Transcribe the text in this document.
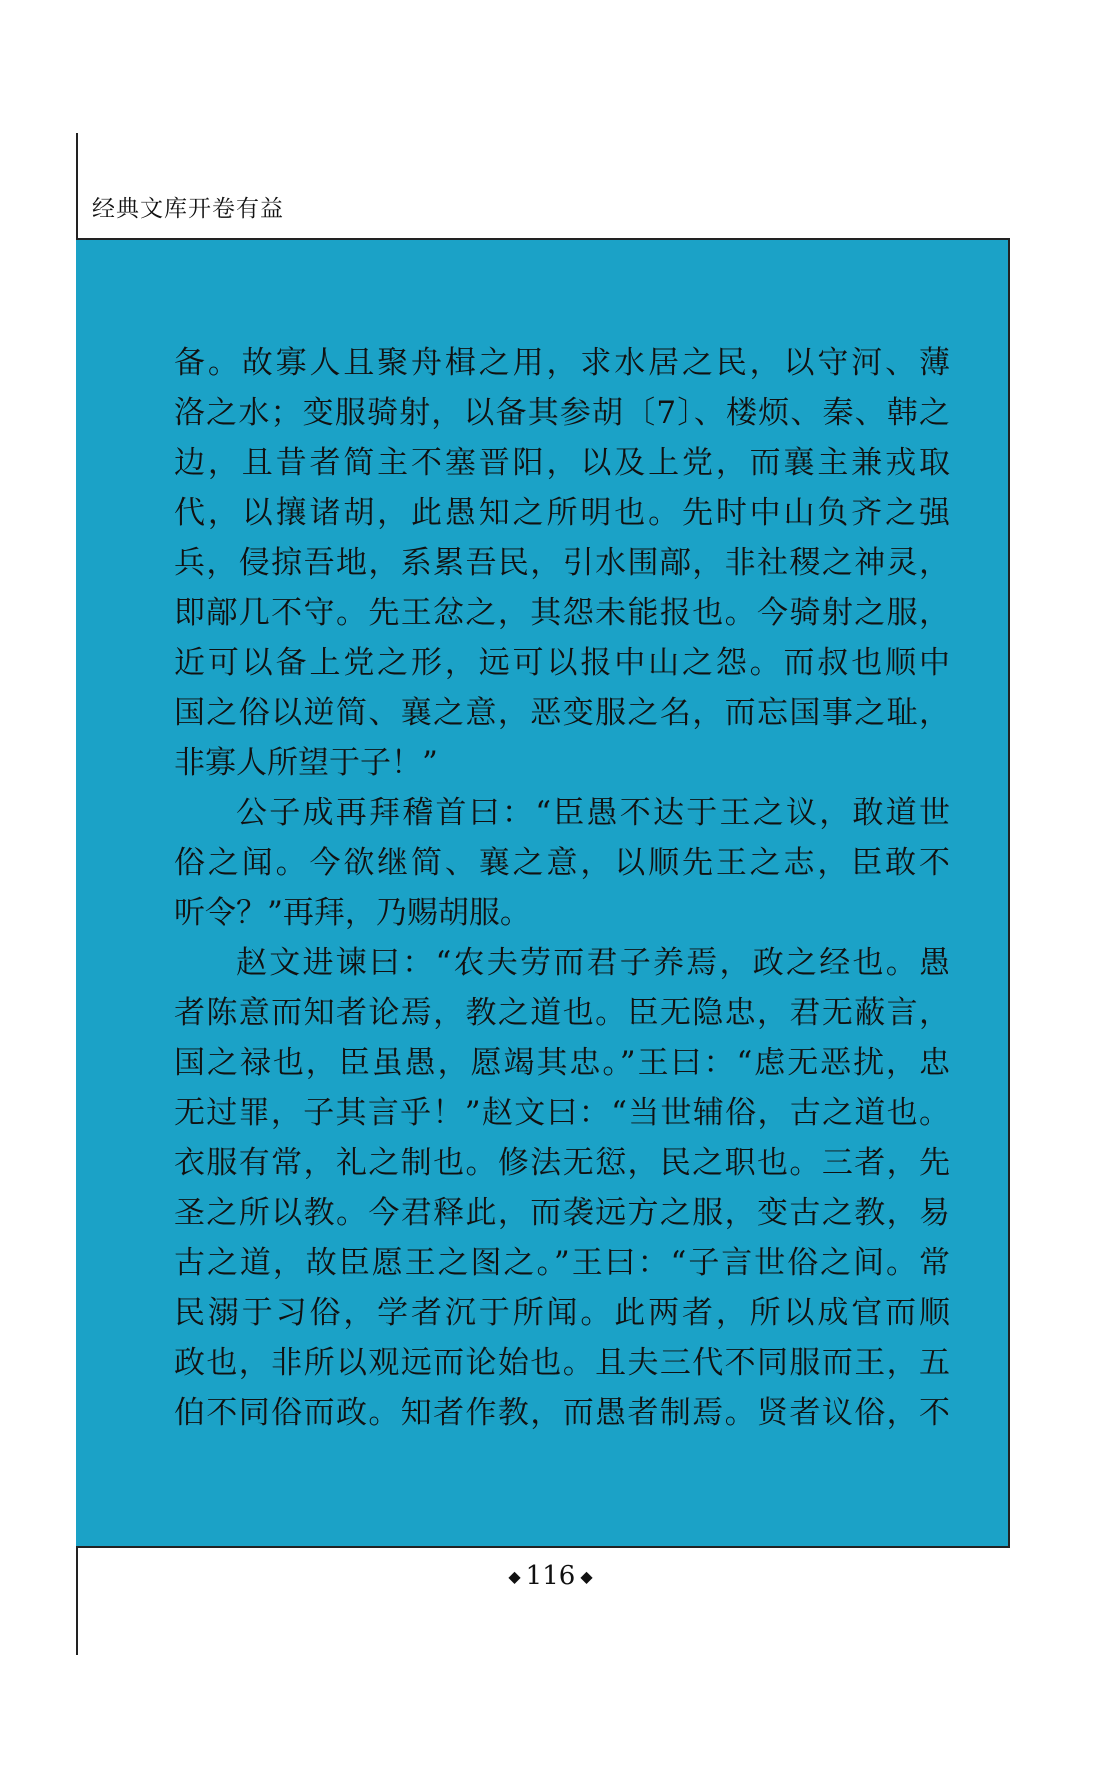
经典文库开卷有益
备。故寡人且聚舟楫之用，求水居之民，以守河、薄
洛之水；变服骑射，以备其参胡〔7〕、楼烦、秦、韩之
边，且昔者简主不塞晋阳，以及上党，而襄主兼戎取
代，以攘诸胡，此愚知之所明也。先时中山负齐之强
兵，侵掠吾地，系累吾民，引水围鄗，非社稷之神灵，
即鄗几不守。先王忿之，其怨未能报也。今骑射之服，
近可以备上党之形，远可以报中山之怨。而叔也顺中
国之俗以逆简、襄之意，恶变服之名，而忘国事之耻，
非寡人所望于子！”
公子成再拜稽首曰：“臣愚不达于王之议，敢道世
俗之闻。今欲继简、襄之意，以顺先王之志，臣敢不
听令？”再拜，乃赐胡服。
赵文进谏曰：“农夫劳而君子养焉，政之经也。愚
者陈意而知者论焉，教之道也。臣无隐忠，君无蔽言，
国之禄也，臣虽愚，愿竭其忠。”王曰：“虑无恶扰，忠
无过罪，子其言乎！”赵文曰：“当世辅俗，古之道也。
衣服有常，礼之制也。修法无愆，民之职也。三者，先
圣之所以教。今君释此，而袭远方之服，变古之教，易
古之道，故臣愿王之图之。”王曰：“子言世俗之间。常
民溺于习俗，学者沉于所闻。此两者，所以成官而顺
政也，非所以观远而论始也。且夫三代不同服而王，五
伯不同俗而政。知者作教，而愚者制焉。贤者议俗，不
◆ 116 ◆
